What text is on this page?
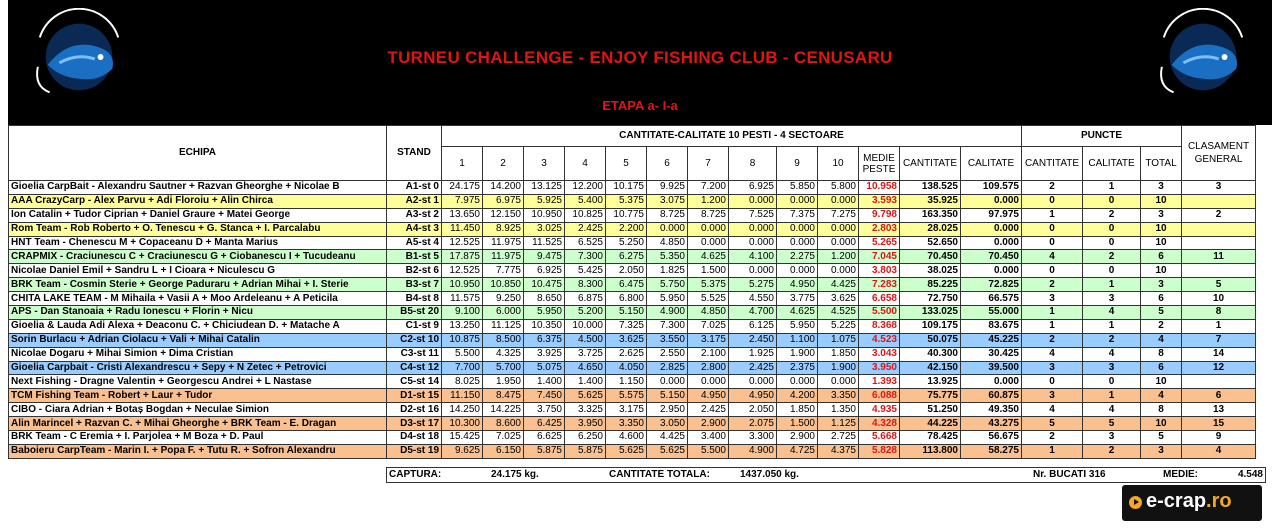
TURNEU CHALLENGE - ENJOY FISHING CLUB - CENUSARU
ETAPA a- I-a
ECHIPA	STAND	CANTITATE-CALITATE 10 PESTI - 4 SECTOARE													PUNCTE			CLASAMENT GENERAL
		1	2	3	4	5	6	7	8	9	10	MEDIE PESTE	CANTITATE	CALITATE	CANTITATE	CALITATE	TOTAL	
Gioelia CarpBait - Alexandru Sautner + Razvan Gheorghe + Nicolae B	A1-st 0	24.175	14.200	13.125	12.200	10.175	9.925	7.200	6.925	5.850	5.800	10.958	138.525	109.575	2	1	3	3
AAA CrazyCarp - Alex Parvu + Adi Floroiu + Alin Chirca	A2-st 1	7.975	6.975	5.925	5.400	5.375	3.075	1.200	0.000	0.000	0.000	3.593	35.925	0.000	0	0	10	
Ion Catalin + Tudor Ciprian + Daniel Graure + Matei George	A3-st 2	13.650	12.150	10.950	10.825	10.775	8.725	8.725	7.525	7.375	7.275	9.798	163.350	97.975	1	2	3	2
Rom Team - Rob Roberto + O. Tenescu + G. Stanca + I. Parcalabu	A4-st 3	11.450	8.925	3.025	2.425	2.200	0.000	0.000	0.000	0.000	0.000	2.803	28.025	0.000	0	0	10	
HNT Team - Chenescu M + Copaceanu D + Manta Marius	A5-st 4	12.525	11.975	11.525	6.525	5.250	4.850	0.000	0.000	0.000	0.000	5.265	52.650	0.000	0	0	10	
CRAPMIX - Craciunescu C + Craciunescu G + Ciobanescu I + Tucudeanu	B1-st 5	17.875	11.975	9.475	7.300	6.275	5.350	4.625	4.100	2.275	1.200	7.045	70.450	70.450	4	2	6	11
Nicolae Daniel Emil + Sandru L + I Cioara + Niculescu G	B2-st 6	12.525	7.775	6.925	5.425	2.050	1.825	1.500	0.000	0.000	0.000	3.803	38.025	0.000	0	0	10	
BRK Team - Cosmin Sterie + George Paduraru + Adrian Mihai + I. Sterie	B3-st 7	10.950	10.850	10.475	8.300	6.475	5.750	5.375	5.275	4.950	4.425	7.283	85.225	72.825	2	1	3	5
CHITA LAKE TEAM - M Mihaila + Vasii A + Moo Ardeleanu + A Peticila	B4-st 8	11.575	9.250	8.650	6.875	6.800	5.950	5.525	4.550	3.775	3.625	6.658	72.750	66.575	3	3	6	10
APS - Dan Stanoaia + Radu Ionescu + Florin + Nicu	B5-st 20	9.100	6.000	5.950	5.200	5.150	4.900	4.850	4.700	4.625	4.525	5.500	133.025	55.000	1	4	5	8
Gioelia & Lauda Adi Alexa + Deaconu C. + Chiciudean D. + Matache A	C1-st 9	13.250	11.125	10.350	10.000	7.325	7.300	7.025	6.125	5.950	5.225	8.368	109.175	83.675	1	1	2	1
Sorin Burlacu + Adrian Ciolacu + Vali + Mihai Catalin	C2-st 10	10.875	8.500	6.375	4.500	3.625	3.550	3.175	2.450	1.100	1.075	4.523	50.075	45.225	2	2	4	7
Nicolae Dogaru + Mihai Simion + Dima Cristian	C3-st 11	5.500	4.325	3.925	3.725	2.625	2.550	2.100	1.925	1.900	1.850	3.043	40.300	30.425	4	4	8	14
Gioelia Carpbait - Cristi Alexandrescu + Sepy + N Zetec + Petrovici	C4-st 12	7.700	5.700	5.075	4.650	4.050	2.825	2.800	2.425	2.375	1.900	3.950	42.150	39.500	3	3	6	12
Next Fishing - Dragne Valentin + Georgescu Andrei + L Nastase	C5-st 14	8.025	1.950	1.400	1.400	1.150	0.000	0.000	0.000	0.000	0.000	1.393	13.925	0.000	0	0	10	
TCM Fishing Team - Robert + Laur + Tudor	D1-st 15	11.150	8.475	7.450	5.625	5.575	5.150	4.950	4.950	4.200	3.350	6.088	75.775	60.875	3	1	4	6
CIBO - Ciara Adrian + Botaș Bogdan + Neculae Simion	D2-st 16	14.250	14.225	3.750	3.325	3.175	2.950	2.425	2.050	1.850	1.350	4.935	51.250	49.350	4	4	8	13
Alin Marincel + Razvan C. + Mihai Gheorghe + BRK Team - E. Dragan	D3-st 17	10.300	8.600	6.425	3.950	3.350	3.050	2.900	2.075	1.500	1.125	4.328	44.225	43.275	5	5	10	15
BRK Team - C Eremia + I. Parjolea + M Boza + D. Paul	D4-st 18	15.425	7.025	6.625	6.250	4.600	4.425	3.400	3.300	2.900	2.725	5.668	78.425	56.675	2	3	5	9
Baboieru CarpTeam - Marin I. + Popa F. + Tutu R. + Sofron Alexandru	D5-st 19	9.625	6.150	5.875	5.875	5.625	5.625	5.500	4.900	4.725	4.375	5.828	113.800	58.275	1	2	3	4
CAPTURA:	24.175 kg.	CANTITATE TOTALA:	1437.050 kg.	Nr. BUCATI 316	MEDIE:	4.548
e-crap.ro
